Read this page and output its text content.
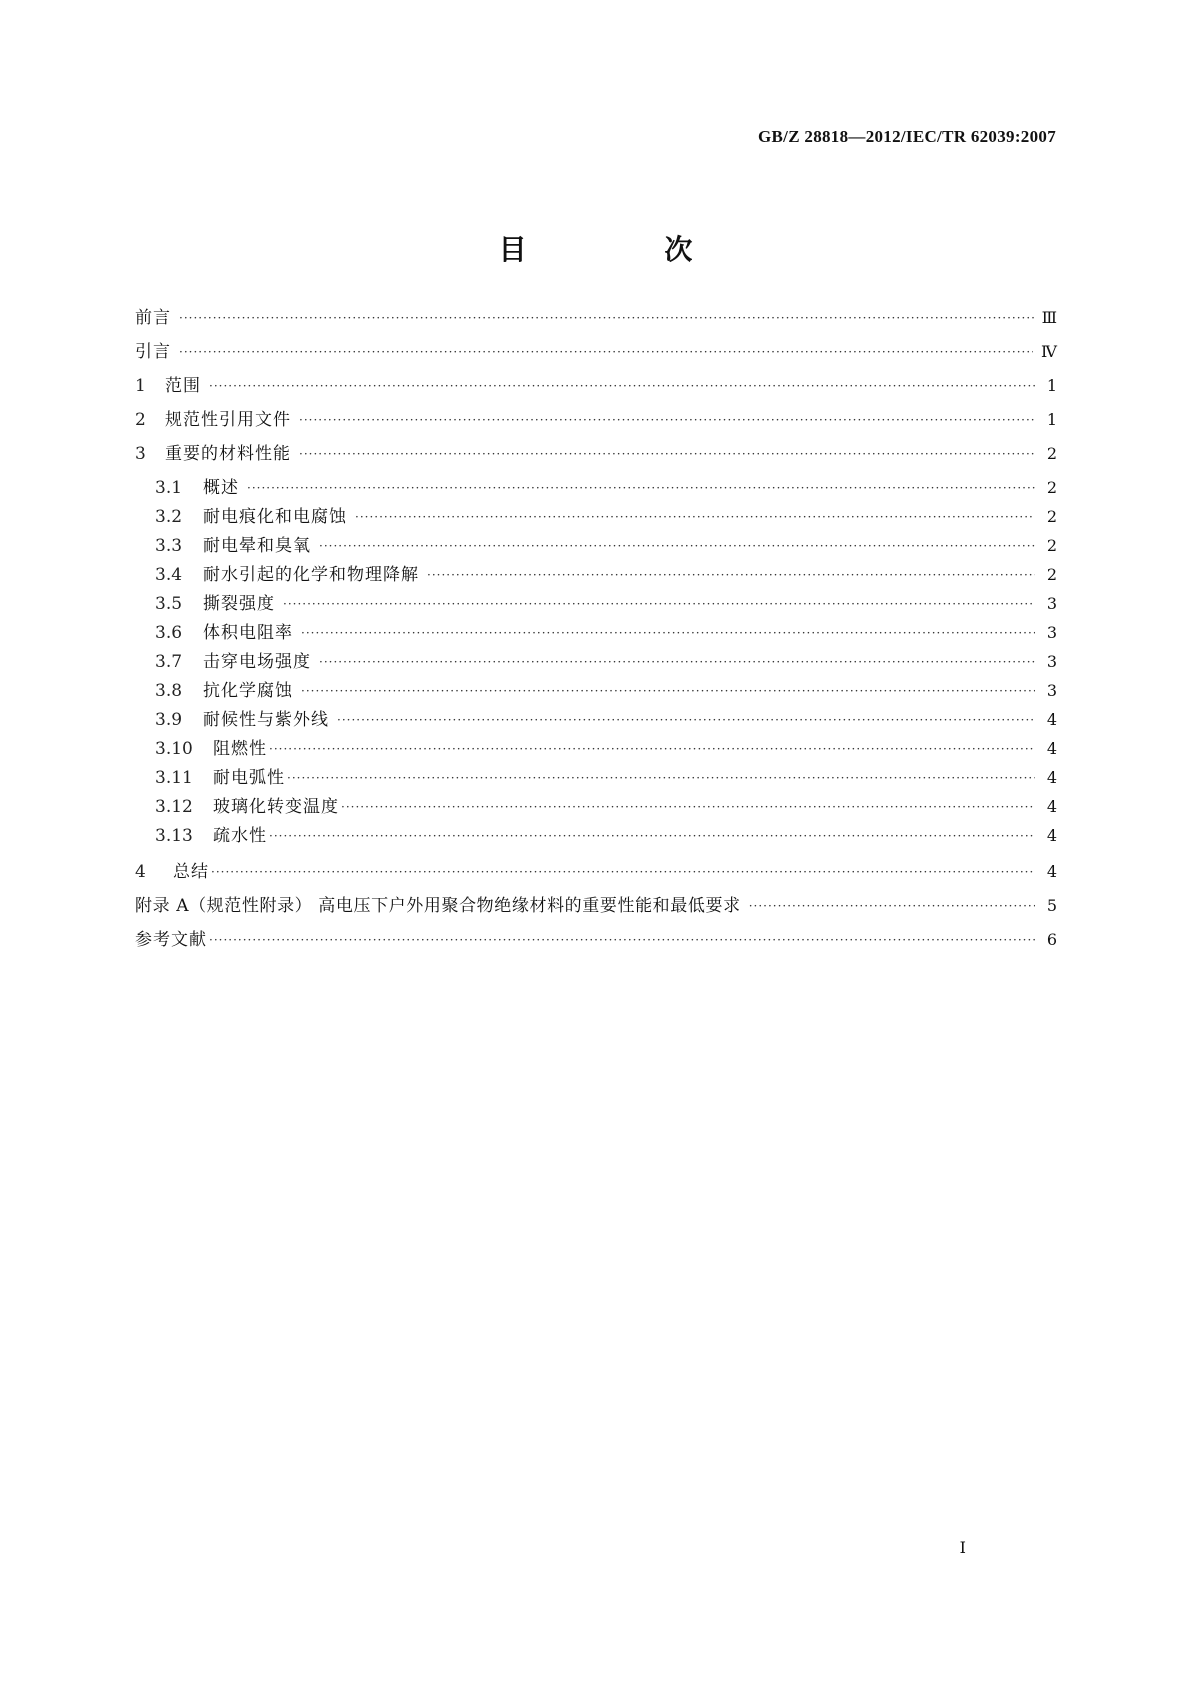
GB/Z 28818—2012/IEC/TR 62039:2007
目 次
前言 ·····	Ⅲ
引言 ·····	Ⅳ
1	范围 ·····	1
2	规范性引用文件 ·····	1
3	重要的材料性能 ·····	2
3.1	概述 ·····	2
3.2	耐电痕化和电腐蚀 ·····	2
3.3	耐电晕和臭氧 ·····	2
3.4	耐水引起的化学和物理降解 ·····	2
3.5	撕裂强度 ·····	3
3.6	体积电阻率 ·····	3
3.7	击穿电场强度 ·····	3
3.8	抗化学腐蚀 ·····	3
3.9	耐候性与紫外线 ·····	4
3.10	阻燃性 ·····	4
3.11	耐电弧性 ·····	4
3.12	玻璃化转变温度 ·····	4
3.13	疏水性 ·····	4
4	总结 ·····	4
附录 A（规范性附录） 高电压下户外用聚合物绝缘材料的重要性能和最低要求 ·····	5
参考文献 ·····	6
I
